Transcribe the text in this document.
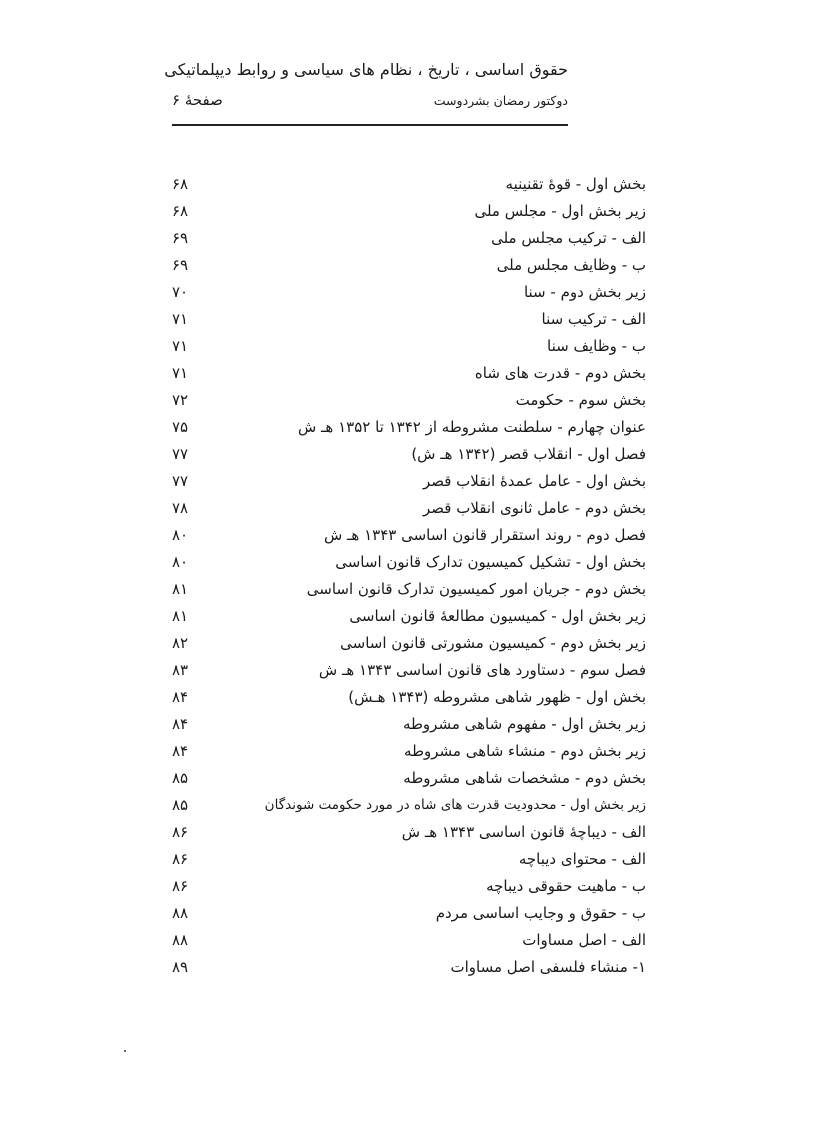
حقوق اساسی ، تاریخ ، نظام های سیاسی و روابط دیپلماتیکی
دوکتور رمضان بشردوست
صفحهٔ ۶
بخش اول - قوهٔ تقنینیه
۶۸
زیر بخش اول - مجلس ملی
۶۸
الف - ترکیب مجلس ملی
۶۹
ب - وظایف مجلس ملی
۶۹
زیر بخش دوم - سنا
۷۰
الف - ترکیب سنا
۷۱
ب - وظایف سنا
۷۱
بخش دوم - قدرت های شاه
۷۱
بخش سوم - حکومت
۷۲
عنوان چهارم - سلطنت مشروطه از ۱۳۴۲ تا ۱۳۵۲ هـ ش
۷۵
فصل اول - انقلاب قصر (۱۳۴۲ هـ ش)
۷۷
بخش اول - عامل عمدهٔ انقلاب قصر
۷۷
بخش دوم - عامل ثانوی انقلاب قصر
۷۸
فصل دوم - روند استقرار قانون اساسی ۱۳۴۳ هـ ش
۸۰
بخش اول - تشکیل کمیسیون تدارک قانون اساسی
۸۰
بخش دوم - جریان امور کمیسیون تدارک قانون اساسی
۸۱
زیر بخش اول - کمیسیون مطالعهٔ قانون اساسی
۸۱
زیر بخش دوم - کمیسیون مشورتی قانون اساسی
۸۲
فصل سوم - دستاورد های قانون اساسی ۱۳۴۳ هـ ش
۸۳
بخش اول - ظهور شاهی مشروطه (۱۳۴۳ هـش)
۸۴
زیر بخش اول - مفهوم شاهی مشروطه
۸۴
زیر بخش دوم - منشاء شاهی مشروطه
۸۴
بخش دوم - مشخصات شاهی مشروطه
۸۵
زیر بخش اول - محدودیت قدرت های شاه در مورد حکومت شوندگان
۸۵
الف - دیباچهٔ قانون اساسی ۱۳۴۳ هـ ش
۸۶
الف - محتوای دیباچه
۸۶
ب - ماهیت حقوقی دیباچه
۸۶
ب - حقوق و وجایب اساسی مردم
۸۸
الف - اصل مساوات
۸۸
۱- منشاء فلسفی اصل مساوات
۸۹
